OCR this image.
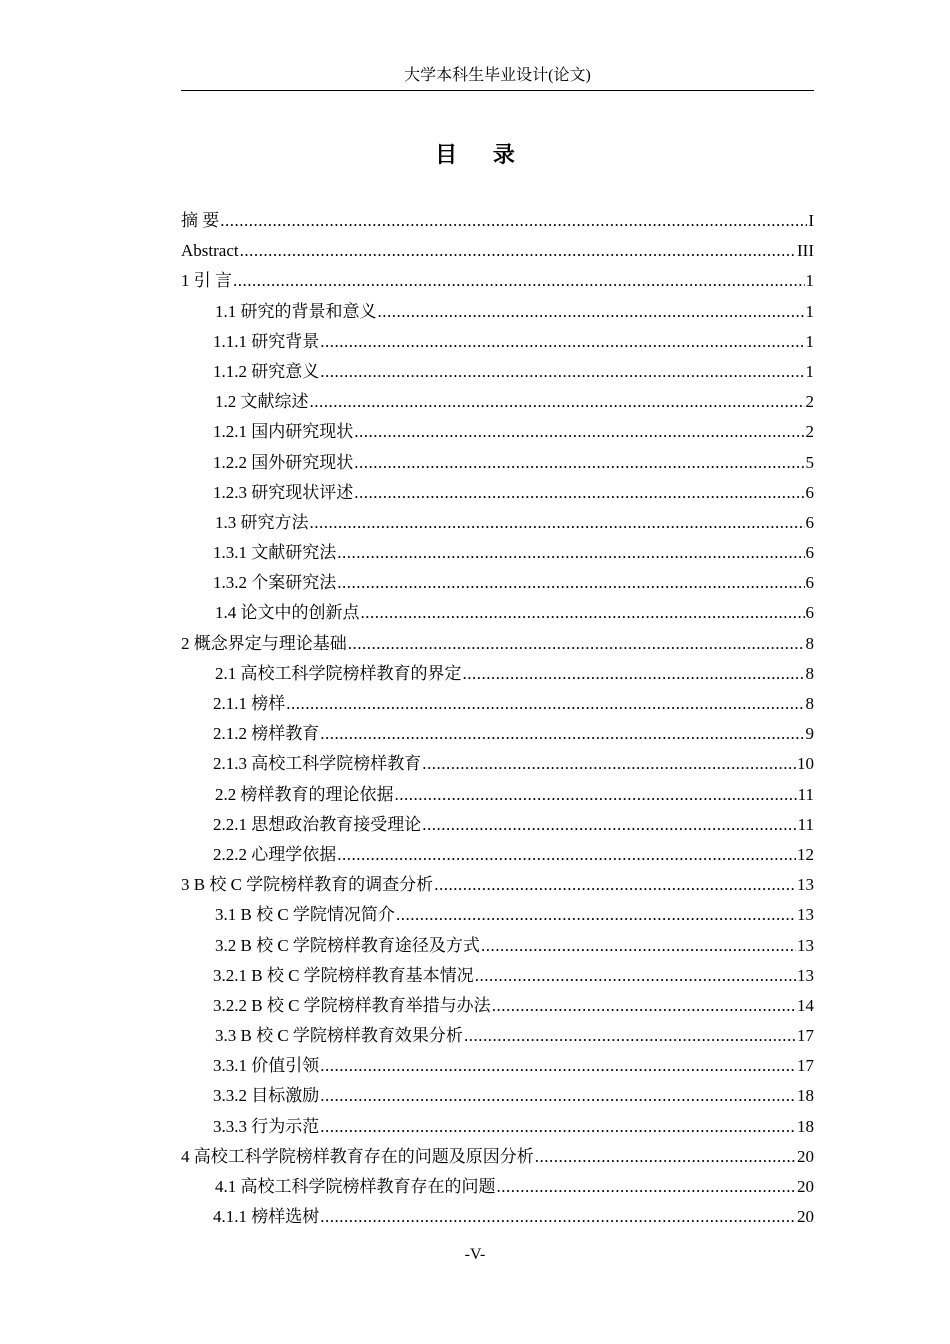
大学本科生毕业设计(论文)
目 录
摘 要 .....	I
Abstract .....	III
1 引 言 .....	1
1.1 研究的背景和意义 .....	1
1.1.1 研究背景 .....	1
1.1.2 研究意义 .....	1
1.2 文献综述 .....	2
1.2.1 国内研究现状 .....	2
1.2.2 国外研究现状 .....	5
1.2.3 研究现状评述 .....	6
1.3 研究方法 .....	6
1.3.1 文献研究法 .....	6
1.3.2 个案研究法 .....	6
1.4 论文中的创新点 .....	6
2 概念界定与理论基础 .....	8
2.1 高校工科学院榜样教育的界定 .....	8
2.1.1 榜样 .....	8
2.1.2 榜样教育 .....	9
2.1.3 高校工科学院榜样教育 .....	10
2.2 榜样教育的理论依据 .....	11
2.2.1 思想政治教育接受理论 .....	11
2.2.2 心理学依据 .....	12
3 B 校 C 学院榜样教育的调查分析 .....	13
3.1 B 校 C 学院情况简介 .....	13
3.2 B 校 C 学院榜样教育途径及方式 .....	13
3.2.1 B 校 C 学院榜样教育基本情况 .....	13
3.2.2 B 校 C 学院榜样教育举措与办法 .....	14
3.3 B 校 C 学院榜样教育效果分析 .....	17
3.3.1 价值引领 .....	17
3.3.2 目标激励 .....	18
3.3.3 行为示范 .....	18
4 高校工科学院榜样教育存在的问题及原因分析 .....	20
4.1 高校工科学院榜样教育存在的问题 .....	20
4.1.1 榜样选树 .....	20
-V-
